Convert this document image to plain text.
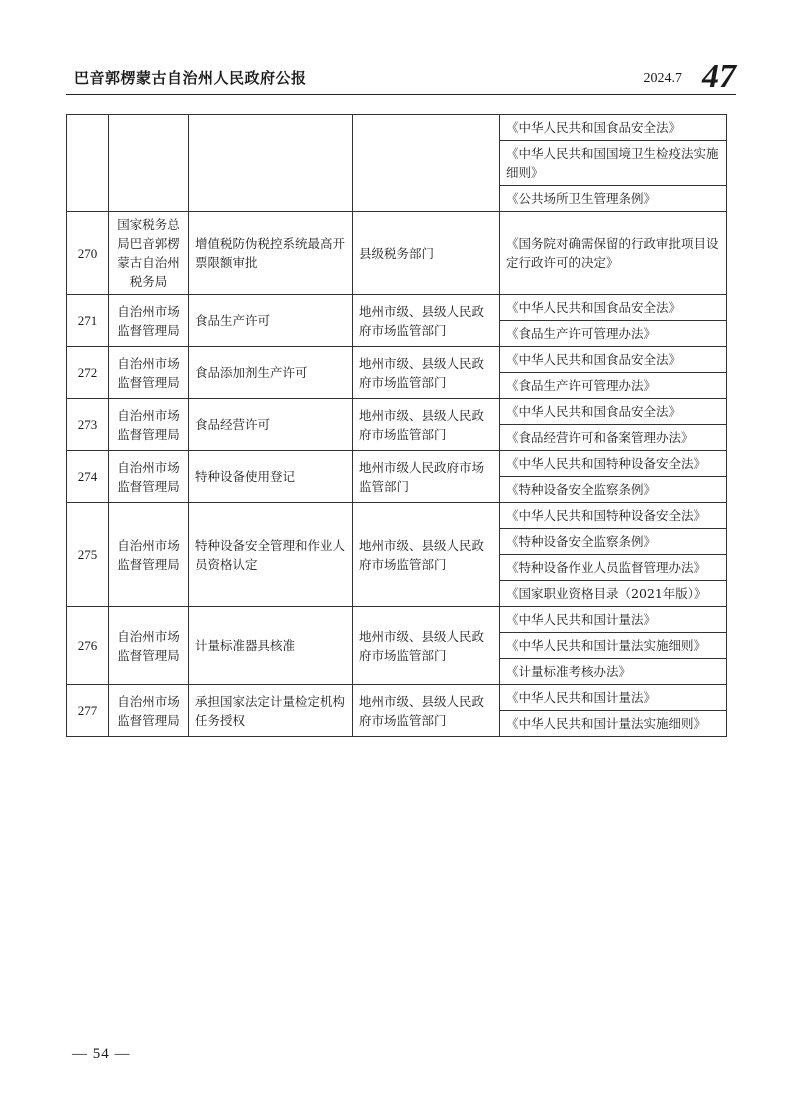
巴音郭楞蒙古自治州人民政府公报	2024.7 47
				《中华人民共和国食品安全法》
				《中华人民共和国国境卫生检疫法实施细则》
				《公共场所卫生管理条例》
270	国家税务总局巴音郭楞蒙古自治州税务局	增值税防伪税控系统最高开票限额审批	县级税务部门	《国务院对确需保留的行政审批项目设定行政许可的决定》
271	自治州市场监督管理局	食品生产许可	地州市级、县级人民政府市场监管部门	《中华人民共和国食品安全法》
				《食品生产许可管理办法》
272	自治州市场监督管理局	食品添加剂生产许可	地州市级、县级人民政府市场监管部门	《中华人民共和国食品安全法》
				《食品生产许可管理办法》
273	自治州市场监督管理局	食品经营许可	地州市级、县级人民政府市场监管部门	《中华人民共和国食品安全法》
				《食品经营许可和备案管理办法》
274	自治州市场监督管理局	特种设备使用登记	地州市级人民政府市场监管部门	《中华人民共和国特种设备安全法》
				《特种设备安全监察条例》
275	自治州市场监督管理局	特种设备安全管理和作业人员资格认定	地州市级、县级人民政府市场监管部门	《中华人民共和国特种设备安全法》
				《特种设备安全监察条例》
				《特种设备作业人员监督管理办法》
				《国家职业资格目录（2021年版）》
276	自治州市场监督管理局	计量标准器具核准	地州市级、县级人民政府市场监管部门	《中华人民共和国计量法》
				《中华人民共和国计量法实施细则》
				《计量标准考核办法》
277	自治州市场监督管理局	承担国家法定计量检定机构任务授权	地州市级、县级人民政府市场监管部门	《中华人民共和国计量法》
				《中华人民共和国计量法实施细则》
— 54 —
